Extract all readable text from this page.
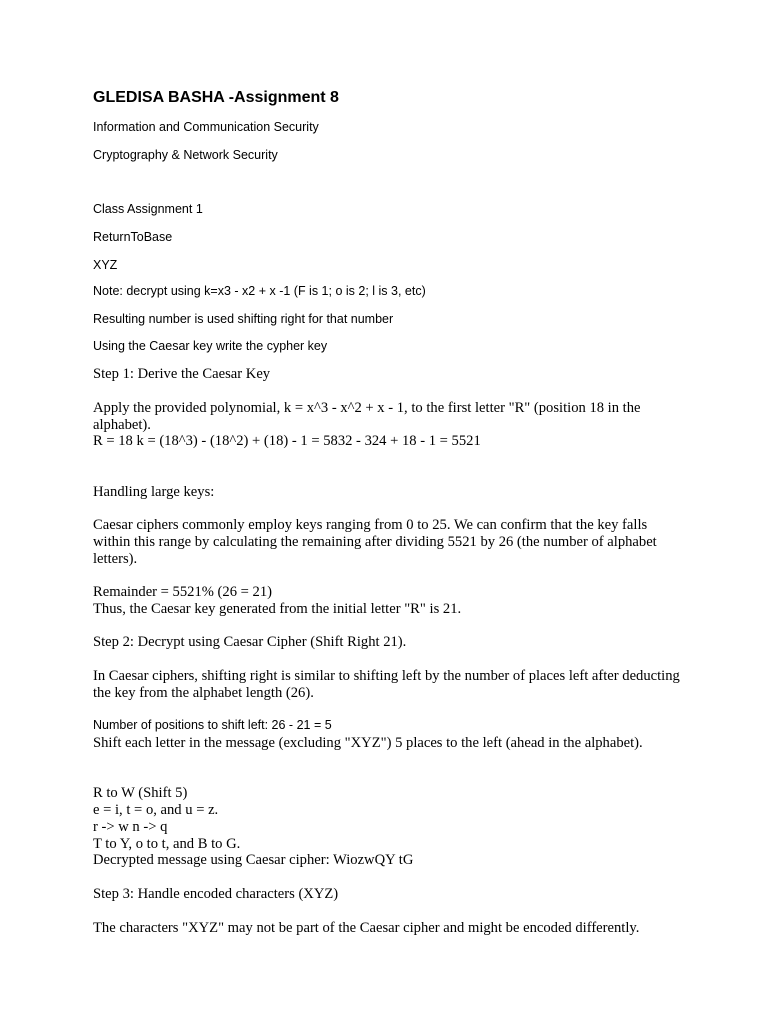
GLEDISA BASHA -Assignment 8

Information and Communication Security

Cryptography & Network Security

Class Assignment 1

ReturnToBase

XYZ

Note: decrypt using k=x3 - x2 + x -1 (F is 1; o is 2; l is 3, etc)

Resulting number is used shifting right for that number

Using the Caesar key write the cypher key

Step 1: Derive the Caesar Key

Apply the provided polynomial, k = x^3 - x^2 + x - 1, to the first letter "R" (position 18 in the alphabet).

R = 18 k = (18^3) - (18^2) + (18) - 1 = 5832 - 324 + 18 - 1 = 5521

Handling large keys:

Caesar ciphers commonly employ keys ranging from 0 to 25. We can confirm that the key falls within this range by calculating the remaining after dividing 5521 by 26 (the number of alphabet letters).

Remainder = 5521% (26 = 21)

Thus, the Caesar key generated from the initial letter "R" is 21.

Step 2: Decrypt using Caesar Cipher (Shift Right 21).

In Caesar ciphers, shifting right is similar to shifting left by the number of places left after deducting the key from the alphabet length (26).

Number of positions to shift left: 26 - 21 = 5

Shift each letter in the message (excluding "XYZ") 5 places to the left (ahead in the alphabet).

R to W (Shift 5)

e = i, t = o, and u = z.

r -> w n -> q

T to Y, o to t, and B to G.

Decrypted message using Caesar cipher: WiozwQY tG

Step 3: Handle encoded characters (XYZ)

The characters "XYZ" may not be part of the Caesar cipher and might be encoded differently.
